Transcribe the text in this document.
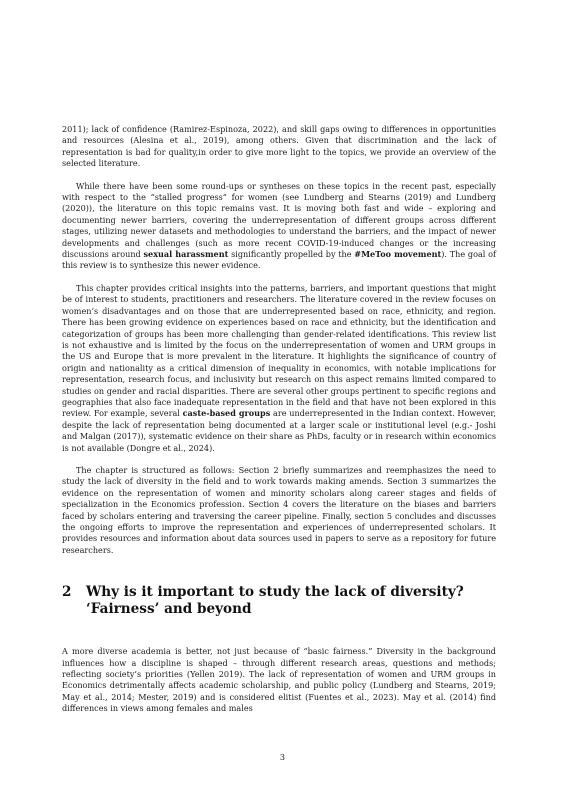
2011); lack of confidence (Ramirez-Espinoza, 2022), and skill gaps owing to differences in opportunities and resources (Alesina et al., 2019), among others. Given that discrimination and the lack of representation is bad for quality,in order to give more light to the topics, we provide an overview of the selected literature.

While there have been some round-ups or syntheses on these topics in the recent past, especially with respect to the “stalled progress” for women (see Lundberg and Stearns (2019) and Lundberg (2020)), the literature on this topic remains vast. It is moving both fast and wide – exploring and documenting newer barriers, covering the underrepresentation of different groups across different stages, utilizing newer datasets and methodologies to understand the barriers, and the impact of newer developments and challenges (such as more recent COVID-19-induced changes or the increasing discussions around sexual harassment significantly propelled by the #MeToo movement). The goal of this review is to synthesize this newer evidence.

This chapter provides critical insights into the patterns, barriers, and important questions that might be of interest to students, practitioners and researchers. The literature covered in the review focuses on women’s disadvantages and on those that are underrepresented based on race, ethnicity, and region. There has been growing evidence on experiences based on race and ethnicity, but the identification and categorization of groups has been more challenging than gender-related identifications. This review list is not exhaustive and is limited by the focus on the underrepresentation of women and URM groups in the US and Europe that is more prevalent in the literature. It highlights the significance of country of origin and nationality as a critical dimension of inequality in economics, with notable implications for representation, research focus, and inclusivity but research on this aspect remains limited compared to studies on gender and racial disparities. There are several other groups pertinent to specific regions and geographies that also face inadequate representation in the field and that have not been explored in this review. For example, several caste-based groups are underrepresented in the Indian context. However, despite the lack of representation being documented at a larger scale or institutional level (e.g.- Joshi and Malgan (2017)), systematic evidence on their share as PhDs, faculty or in research within economics is not available (Dongre et al., 2024).

The chapter is structured as follows: Section 2 briefly summarizes and reemphasizes the need to study the lack of diversity in the field and to work towards making amends. Section 3 summarizes the evidence on the representation of women and minority scholars along career stages and fields of specialization in the Economics profession. Section 4 covers the literature on the biases and barriers faced by scholars entering and traversing the career pipeline. Finally, section 5 concludes and discusses the ongoing efforts to improve the representation and experiences of underrepresented scholars. It provides resources and information about data sources used in papers to serve as a repository for future researchers.

2	Why is it important to study the lack of diversity? ‘Fairness’ and beyond

A more diverse academia is better, not just because of “basic fairness.” Diversity in the background influences how a discipline is shaped – through different research areas, questions and methods; reflecting society’s priorities (Yellen 2019). The lack of representation of women and URM groups in Economics detrimentally affects academic scholarship, and public policy (Lundberg and Stearns, 2019; May et al., 2014; Mester, 2019) and is considered elitist (Fuentes et al., 2023). May et al. (2014) find differences in views among females and males

3
